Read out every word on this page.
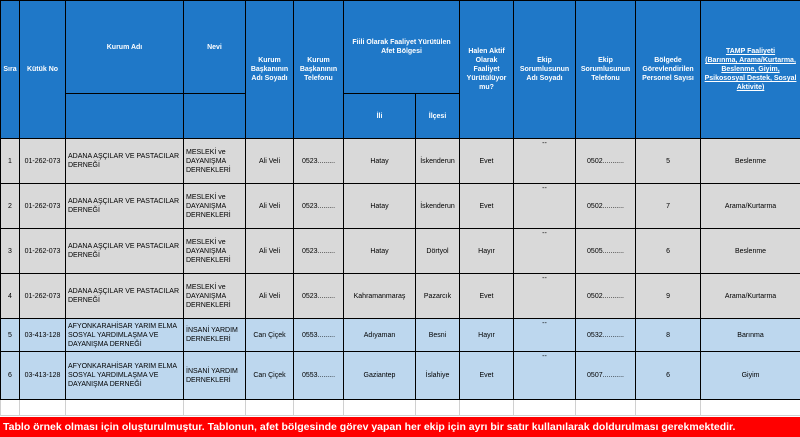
Sıra	Kütük No	Kurum Adı	Nevi	Kurum Başkanının Adı Soyadı	Kurum Başkanının Telefonu	Fiili Olarak Faaliyet Yürütülen Afet Bölgesi		Halen Aktif Olarak Faaliyet Yürütülüyor mu?	Ekip Sorumlusunun Adı Soyadı	Ekip Sorumlusunun Telefonu	Bölgede Görevlendirilen Personel Sayısı	TAMP Faaliyeti
(Barınma, Arama/Kurtarma, Beslenme, Giyim, Psikososyal Destek, Sosyal Aktivite)

						İli	İlçesi					
1	01-262-073	ADANA AŞÇILAR VE PASTACILAR DERNEĞİ	MESLEKİ ve DAYANIŞMA DERNEKLERİ	Ali Veli	0523.........	Hatay	İskenderun	Evet	--	0502...........	5	Beslenme
2	01-262-073	ADANA AŞÇILAR VE PASTACILAR DERNEĞİ	MESLEKİ ve DAYANIŞMA DERNEKLERİ	Ali Veli	0523.........	Hatay	İskenderun	Evet	--	0502...........	7	Arama/Kurtarma
3	01-262-073	ADANA AŞÇILAR VE PASTACILAR DERNEĞİ	MESLEKİ ve DAYANIŞMA DERNEKLERİ	Ali Veli	0523.........	Hatay	Dörtyol	Hayır	--	0505...........	6	Beslenme
4	01-262-073	ADANA AŞÇILAR VE PASTACILAR DERNEĞİ	MESLEKİ ve DAYANIŞMA DERNEKLERİ	Ali Veli	0523.........	Kahramanmaraş	Pazarcık	Evet	--	0502...........	9	Arama/Kurtarma
5	03-413-128	AFYONKARAHİSAR YARIM ELMA SOSYAL YARDIMLAŞMA VE DAYANIŞMA DERNEĞİ	İNSANİ YARDIM DERNEKLERİ	Can Çiçek	0553.........	Adıyaman	Besni	Hayır	--	0532...........	8	Barınma
6	03-413-128	AFYONKARAHİSAR YARIM ELMA SOSYAL YARDIMLAŞMA VE DAYANIŞMA DERNEĞİ	İNSANİ YARDIM DERNEKLERİ	Can Çiçek	0553.........	Gaziantep	İslahiye	Evet	--	0507...........	6	Giyim

Tablo örnek olması için oluşturulmuştur. Tablonun, afet bölgesinde görev yapan her ekip için ayrı bir satır kullanılarak doldurulması gerekmektedir.
